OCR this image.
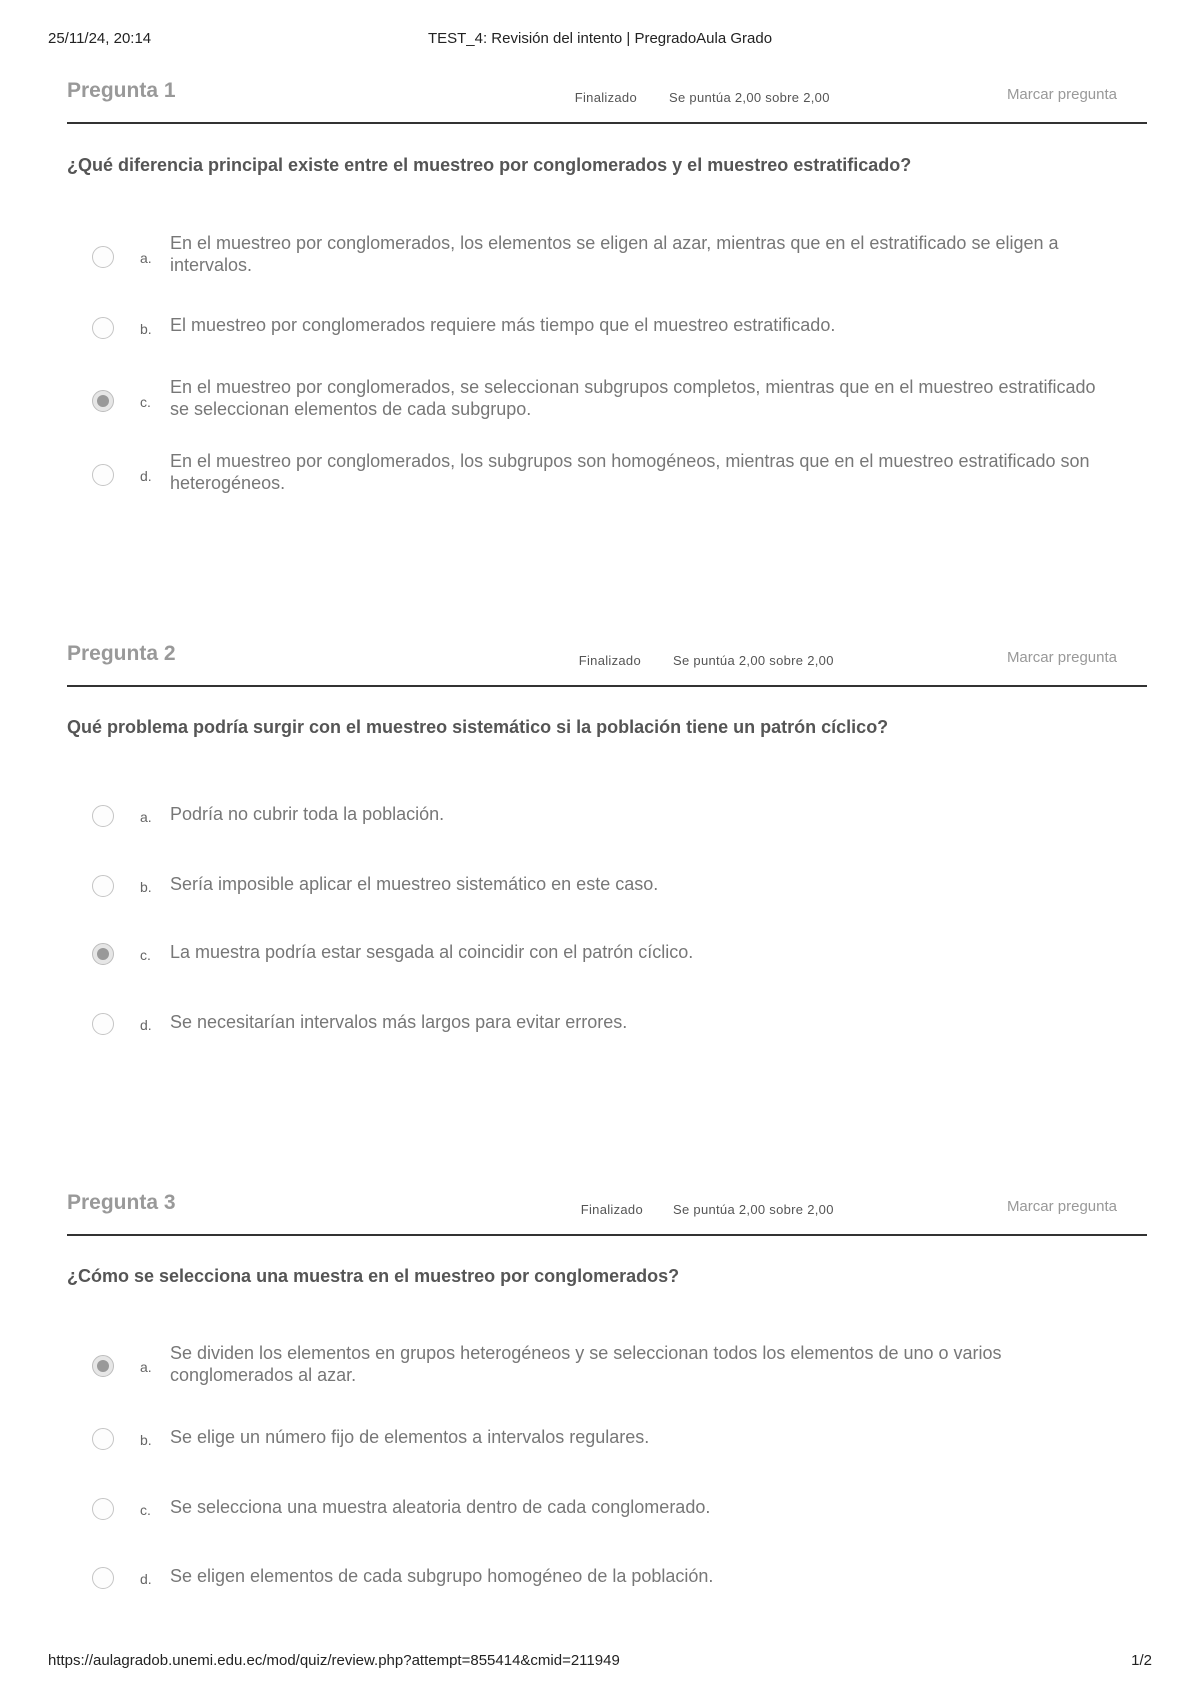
25/11/24, 20:14	TEST_4: Revisión del intento | PregradoAula Grado
Pregunta 1	Finalizado Se puntúa 2,00 sobre 2,00	Marcar pregunta
¿Qué diferencia principal existe entre el muestreo por conglomerados y el muestreo estratificado?
a.
En el muestreo por conglomerados, los elementos se eligen al azar, mientras que en el estratificado se eligen a intervalos.
b.	El muestreo por conglomerados requiere más tiempo que el muestreo estratificado.
c.
En el muestreo por conglomerados, se seleccionan subgrupos completos, mientras que en el muestreo estratificado se seleccionan elementos de cada subgrupo.
d.
En el muestreo por conglomerados, los subgrupos son homogéneos, mientras que en el muestreo estratificado son heterogéneos.
Pregunta 2	Finalizado Se puntúa 2,00 sobre 2,00	Marcar pregunta
Qué problema podría surgir con el muestreo sistemático si la población tiene un patrón cíclico?
a.	Podría no cubrir toda la población.
b.	Sería imposible aplicar el muestreo sistemático en este caso.
c.	La muestra podría estar sesgada al coincidir con el patrón cíclico.
d.	Se necesitarían intervalos más largos para evitar errores.
Pregunta 3	Finalizado Se puntúa 2,00 sobre 2,00	Marcar pregunta
¿Cómo se selecciona una muestra en el muestreo por conglomerados?
a.
Se dividen los elementos en grupos heterogéneos y se seleccionan todos los elementos de uno o varios conglomerados al azar.
b.	Se elige un número fijo de elementos a intervalos regulares.
c.	Se selecciona una muestra aleatoria dentro de cada conglomerado.
d.	Se eligen elementos de cada subgrupo homogéneo de la población.
https://aulagradob.unemi.edu.ec/mod/quiz/review.php?attempt=855414&cmid=211949	1/2
